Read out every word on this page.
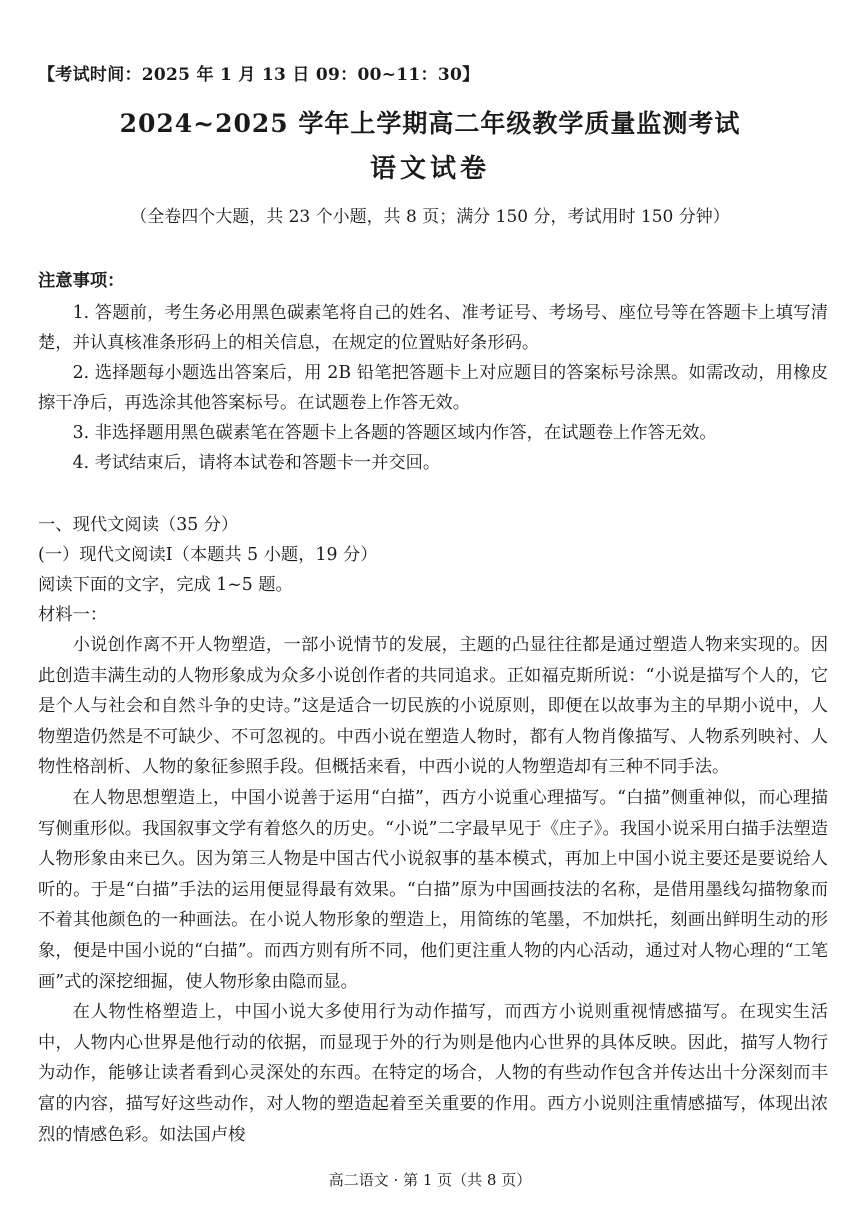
【考试时间：2025 年 1 月 13 日 09：00~11：30】
2024~2025 学年上学期高二年级教学质量监测考试
语文试卷
（全卷四个大题，共 23 个小题，共 8 页；满分 150 分，考试用时 150 分钟）
注意事项：

1. 答题前，考生务必用黑色碳素笔将自己的姓名、准考证号、考场号、座位号等在答题卡上填写清楚，并认真核准条形码上的相关信息，在规定的位置贴好条形码。

2. 选择题每小题选出答案后，用 2B 铅笔把答题卡上对应题目的答案标号涂黑。如需改动，用橡皮擦干净后，再选涂其他答案标号。在试题卷上作答无效。

3. 非选择题用黑色碳素笔在答题卡上各题的答题区域内作答，在试题卷上作答无效。

4. 考试结束后，请将本试卷和答题卡一并交回。

一、现代文阅读（35 分）
(一）现代文阅读Ⅰ（本题共 5 小题，19 分）
阅读下面的文字，完成 1~5 题。
材料一：

小说创作离不开人物塑造，一部小说情节的发展，主题的凸显往往都是通过塑造人物来实现的。因此创造丰满生动的人物形象成为众多小说创作者的共同追求。正如福克斯所说：“小说是描写个人的，它是个人与社会和自然斗争的史诗。”这是适合一切民族的小说原则，即便在以故事为主的早期小说中，人物塑造仍然是不可缺少、不可忽视的。中西小说在塑造人物时，都有人物肖像描写、人物系列映衬、人物性格剖析、人物的象征参照手段。但概括来看，中西小说的人物塑造却有三种不同手法。

在人物思想塑造上，中国小说善于运用“白描”，西方小说重心理描写。“白描”侧重神似，而心理描写侧重形似。我国叙事文学有着悠久的历史。“小说”二字最早见于《庄子》。我国小说采用白描手法塑造人物形象由来已久。因为第三人物是中国古代小说叙事的基本模式，再加上中国小说主要还是要说给人听的。于是“白描”手法的运用便显得最有效果。“白描”原为中国画技法的名称，是借用墨线勾描物象而不着其他颜色的一种画法。在小说人物形象的塑造上，用简练的笔墨，不加烘托，刻画出鲜明生动的形象，便是中国小说的“白描”。而西方则有所不同，他们更注重人物的内心活动，通过对人物心理的“工笔画”式的深挖细掘，使人物形象由隐而显。

在人物性格塑造上，中国小说大多使用行为动作描写，而西方小说则重视情感描写。在现实生活中，人物内心世界是他行动的依据，而显现于外的行为则是他内心世界的具体反映。因此，描写人物行为动作，能够让读者看到心灵深处的东西。在特定的场合，人物的有些动作包含并传达出十分深刻而丰富的内容，描写好这些动作，对人物的塑造起着至关重要的作用。西方小说则注重情感描写，体现出浓烈的情感色彩。如法国卢梭

高二语文 · 第 1 页（共 8 页）
